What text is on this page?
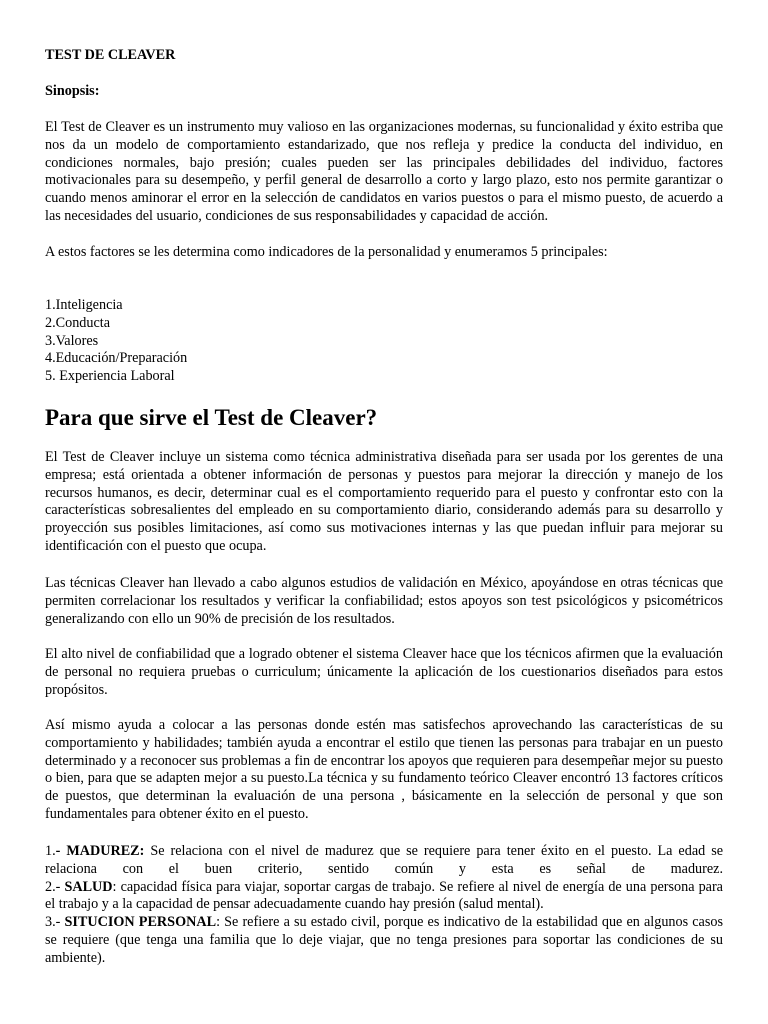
TEST DE CLEAVER

Sinopsis:

El Test de Cleaver es un instrumento muy valioso en las organizaciones modernas, su funcionalidad y éxito estriba que nos da un modelo de comportamiento estandarizado, que nos refleja y predice la conducta del individuo, en condiciones normales, bajo presión; cuales pueden ser las principales debilidades del individuo, factores motivacionales para su desempeño, y perfil general de desarrollo a corto y largo plazo, esto nos permite garantizar o cuando menos aminorar el error en la selección de candidatos en varios puestos o para el mismo puesto, de acuerdo a las necesidades del usuario, condiciones de sus responsabilidades y capacidad de acción.

A estos factores se les determina como indicadores de la personalidad y enumeramos 5 principales:

1.Inteligencia

2.Conducta

3.Valores

4.Educación/Preparación

5. Experiencia Laboral

Para que sirve el Test de Cleaver?

El Test de Cleaver incluye un sistema como técnica administrativa diseñada para ser usada por los gerentes de una empresa; está orientada a obtener información de personas y puestos para mejorar la dirección y manejo de los recursos humanos, es decir, determinar cual es el comportamiento requerido para el puesto y confrontar esto con la características sobresalientes del empleado en su comportamiento diario, considerando además para su desarrollo y proyección sus posibles limitaciones, así como sus motivaciones internas y las que puedan influir para mejorar su identificación con el puesto que ocupa.

Las técnicas Cleaver han llevado a cabo algunos estudios de validación en México, apoyándose en otras técnicas que permiten correlacionar los resultados y verificar la confiabilidad; estos apoyos son test psicológicos y psicométricos generalizando con ello un 90% de precisión de los resultados.

El alto nivel de confiabilidad que a logrado obtener el sistema Cleaver hace que los técnicos afirmen que la evaluación de personal no requiera pruebas o curriculum; únicamente la aplicación de los cuestionarios diseñados para estos propósitos.

Así mismo ayuda a colocar a las personas donde estén mas satisfechos aprovechando las características de su comportamiento y habilidades; también ayuda a encontrar el estilo que tienen las personas para trabajar en un puesto determinado y a reconocer sus problemas a fin de encontrar los apoyos que requieren para desempeñar mejor su puesto o bien, para que se adapten mejor a su puesto.La técnica y su fundamento teórico Cleaver encontró 13 factores críticos de puestos, que determinan la evaluación de una persona , básicamente en la selección de personal y que son fundamentales para obtener éxito en el puesto.

1.- MADUREZ: Se relaciona con el nivel de madurez que se requiere para tener éxito en el puesto. La edad se relaciona con el buen criterio, sentido común y esta es señal de madurez.

2.- SALUD: capacidad física para viajar, soportar cargas de trabajo. Se refiere al nivel de energía de una persona para el trabajo y a la capacidad de pensar adecuadamente cuando hay presión (salud mental).

3.- SITUCION PERSONAL: Se refiere a su estado civil, porque es indicativo de la estabilidad que en algunos casos se requiere (que tenga una familia que lo deje viajar, que no tenga presiones para soportar las condiciones de su ambiente).
